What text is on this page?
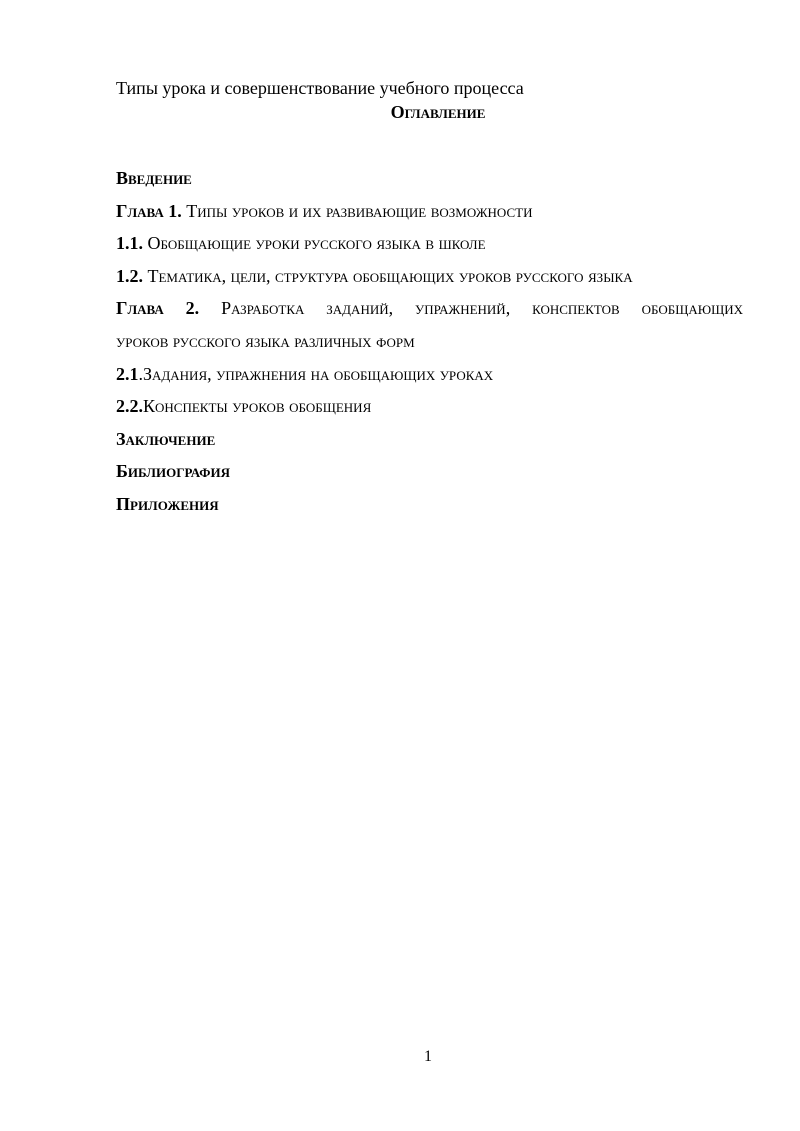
Типы урока и совершенствование учебного процесса
Оглавление
Введение
Глава 1. Типы уроков и их развивающие возможности
1.1. Обобщающие уроки русского языка в школе
1.2. Тематика, цели, структура обобщающих уроков русского языка
Глава 2. Разработка заданий, упражнений, конспектов обобщающих
уроков русского языка различных форм
2.1.Задания, упражнения на обобщающих уроках
2.2.Конспекты уроков обобщения
Заключение
Библиография
Приложения
1
